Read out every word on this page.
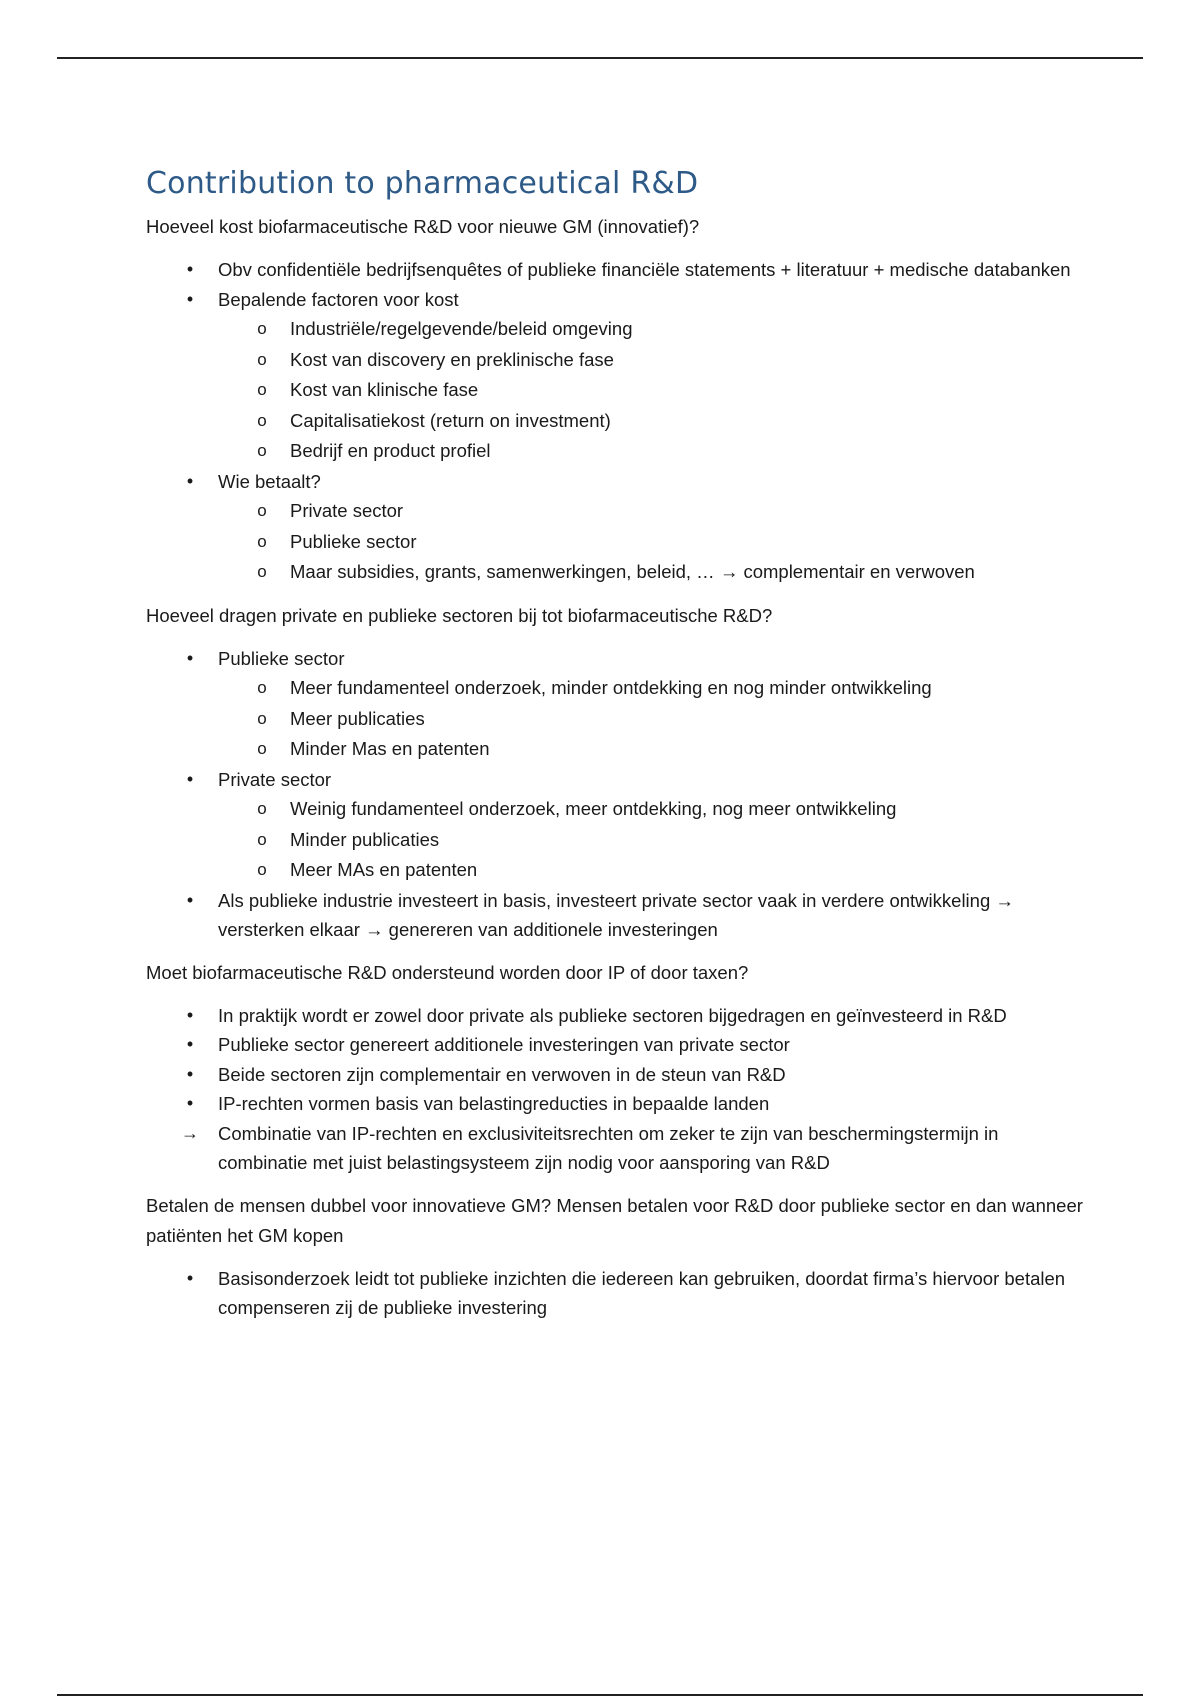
Contribution to pharmaceutical R&D

Hoeveel kost biofarmaceutische R&D voor nieuwe GM (innovatief)?

•	Obv confidentiële bedrijfsenquêtes of publieke financiële statements + literatuur + medische databanken
•	Bepalende factoren voor kost
o Industriële/regelgevende/beleid omgeving
o Kost van discovery en preklinische fase
o Kost van klinische fase
o Capitalisatiekost (return on investment)
o Bedrijf en product profiel
•	Wie betaalt?
o Private sector
o Publieke sector
o Maar subsidies, grants, samenwerkingen, beleid, … → complementair en verwoven

Hoeveel dragen private en publieke sectoren bij tot biofarmaceutische R&D?

•	Publieke sector
o Meer fundamenteel onderzoek, minder ontdekking en nog minder ontwikkeling
o Meer publicaties
o Minder Mas en patenten
•	Private sector
o Weinig fundamenteel onderzoek, meer ontdekking, nog meer ontwikkeling
o Minder publicaties
o Meer MAs en patenten
•	Als publieke industrie investeert in basis, investeert private sector vaak in verdere ontwikkeling → versterken elkaar → genereren van additionele investeringen

Moet biofarmaceutische R&D ondersteund worden door IP of door taxen?

•	In praktijk wordt er zowel door private als publieke sectoren bijgedragen en geïnvesteerd in R&D
•	Publieke sector genereert additionele investeringen van private sector
•	Beide sectoren zijn complementair en verwoven in de steun van R&D
•	IP-rechten vormen basis van belastingreducties in bepaalde landen
→ Combinatie van IP-rechten en exclusiviteitsrechten om zeker te zijn van beschermingstermijn in combinatie met juist belastingsysteem zijn nodig voor aansporing van R&D

Betalen de mensen dubbel voor innovatieve GM? Mensen betalen voor R&D door publieke sector en dan wanneer patiënten het GM kopen

•	Basisonderzoek leidt tot publieke inzichten die iedereen kan gebruiken, doordat firma’s hiervoor betalen compenseren zij de publieke investering
